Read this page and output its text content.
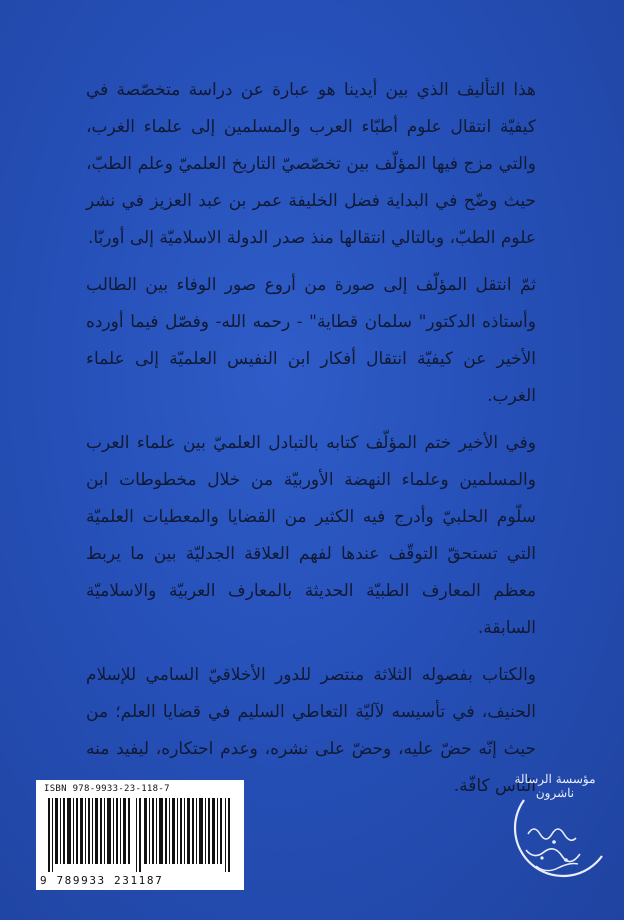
هذا التأليف الذي بين أيدينا هو عبارة عن دراسة متخصّصة في كيفيّة انتقال علوم أطبّاء العرب والمسلمين إلى علماء الغرب، والتي مزج فيها المؤلّف بين تخصّصيّ التاريخ العلميّ وعلم الطبّ، حيث وضّح في البداية فضل الخليفة عمر بن عبد العزيز في نشر علوم الطبّ، وبالتالي انتقالها منذ صدر الدولة الاسلاميّة إلى أوربّا.

ثمّ انتقل المؤلّف إلى صورة من أروع صور الوفاء بين الطالب وأستاذه الدكتور" سلمان قطاية" - رحمه الله- وفصّل فيما أورده الأخير عن كيفيّة انتقال أفكار ابن النفيس العلميّة إلى علماء الغرب.

وفي الأخير ختم المؤلّف كتابه بالتبادل العلميّ بين علماء العرب والمسلمين وعلماء النهضة الأوربيّة من خلال مخطوطات ابن سلّوم الحلبيّ وأدرج فيه الكثير من القضايا والمعطيات العلميّة التي تستحقّ التوقّف عندها لفهم العلاقة الجدليّة بين ما يربط معظم المعارف الطبيّة الحديثة بالمعارف العربيّة والاسلاميّة السابقة.

والكتاب بفصوله الثلاثة منتصر للدور الأخلاقيّ السامي للإسلام الحنيف، في تأسيسه لآليّة التعاطي السليم في قضايا العلم؛ من حيث إنّه حضّ عليه، وحضّ على نشره، وعدم احتكاره، ليفيد منه الناس كافّة.

ISBN 978-9933-23-118-7
9 789933 231187
مؤسسة الرسالة ناشرون
